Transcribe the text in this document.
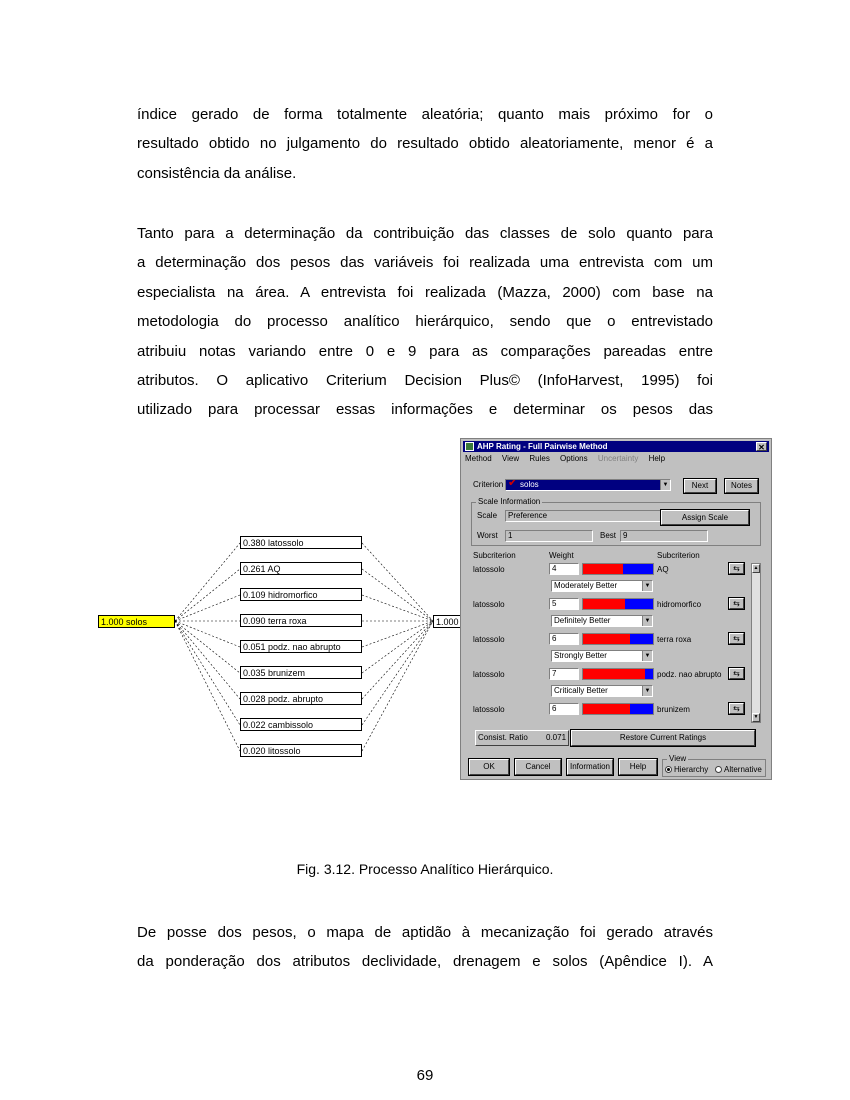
índice gerado de forma totalmente aleatória; quanto mais próximo for o
resultado obtido no julgamento do resultado obtido aleatoriamente, menor é a
consistência da análise.
Tanto para a determinação da contribuição das classes de solo quanto para
a determinação dos pesos das variáveis foi realizada uma entrevista com um
especialista na área. A entrevista foi realizada (Mazza, 2000) com base na
metodologia do processo analítico hierárquico, sendo que o entrevistado
atribuiu notas variando entre 0 e 9 para as comparações pareadas entre
atributos. O aplicativo Criterium Decision Plus© (InfoHarvest, 1995) foi
utilizado para processar essas informações e determinar os pesos das
1.000 solos	1.000
0.380 latossolo
0.261 AQ
0.109 hidromorfico
0.090 terra roxa
0.051 podz. nao abrupto
0.035 brunizem
0.028 podz. abrupto
0.022 cambissolo
0.020 litossolo
AHP Rating - Full Pairwise Method	✕
Method View Rules Options Uncertainty Help
Criterion ✔ solos	▼	Next	Notes
Scale Information
Scale	Preference	Assign Scale
Worst	1	Best 9
Subcriterion	Weight	Subcriterion
latossolo	4	AQ	⇆
Moderately Better	▼
latossolo	5	hidromorfico	⇆
Definitely Better	▼
latossolo	6	terra roxa	⇆
Strongly Better	▼
latossolo	7	podz. nao abrupto	⇆
Critically Better	▼
latossolo	6	brunizem	⇆
▲
▼
Consist. Ratio 0.071	Restore Current Ratings
OK	Cancel	Information	Help
View
Hierarchy	Alternative
Fig. 3.12. Processo Analítico Hierárquico.
De posse dos pesos, o mapa de aptidão à mecanização foi gerado através
da ponderação dos atributos declividade, drenagem e solos (Apêndice I). A
69
